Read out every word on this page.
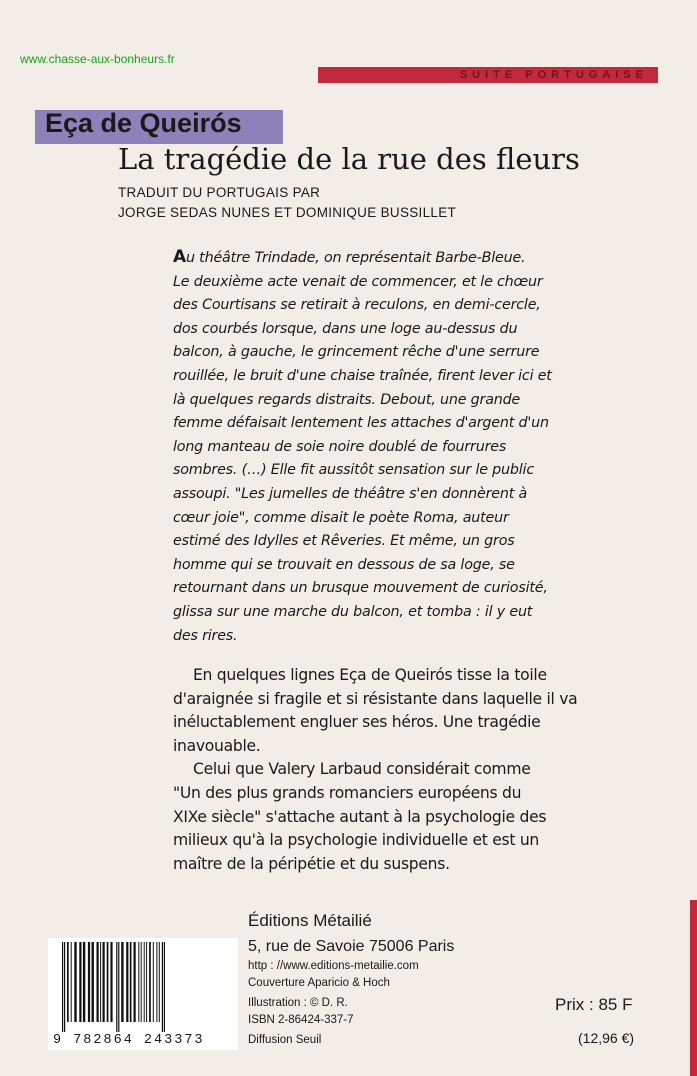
www.chasse-aux-bonheurs.fr
SUITE PORTUGAISE
Eça de Queirós
La tragédie de la rue des fleurs
TRADUIT DU PORTUGAIS PAR
JORGE SEDAS NUNES ET DOMINIQUE BUSSILLET

Au théâtre Trindade, on représentait Barbe-Bleue.

Le deuxième acte venait de commencer, et le chœur

des Courtisans se retirait à reculons, en demi-cercle,

dos courbés lorsque, dans une loge au-dessus du

balcon, à gauche, le grincement rêche d'une serrure

rouillée, le bruit d'une chaise traînée, firent lever ici et

là quelques regards distraits. Debout, une grande

femme défaisait lentement les attaches d'argent d'un

long manteau de soie noire doublé de fourrures

sombres. (…) Elle fit aussitôt sensation sur le public

assoupi. "Les jumelles de théâtre s'en donnèrent à

cœur joie", comme disait le poète Roma, auteur

estimé des Idylles et Rêveries. Et même, un gros

homme qui se trouvait en dessous de sa loge, se

retournant dans un brusque mouvement de curiosité,

glissa sur une marche du balcon, et tomba : il y eut

des rires.

En quelques lignes Eça de Queirós tisse la toile

d'araignée si fragile et si résistante dans laquelle il va

inéluctablement engluer ses héros. Une tragédie

inavouable.

Celui que Valery Larbaud considérait comme

"Un des plus grands romanciers européens du

XIXe siècle" s'attache autant à la psychologie des

milieux qu'à la psychologie individuelle et est un

maître de la péripétie et du suspens.

9 782864 243373
Éditions Métailié
5, rue de Savoie 75006 Paris
http : //www.editions-metailie.com
Couverture Aparicio & Hoch
Illustration : © D. R.
ISBN 2-86424-337-7
Diffusion Seuil
Prix : 85 F
(12,96 €)
